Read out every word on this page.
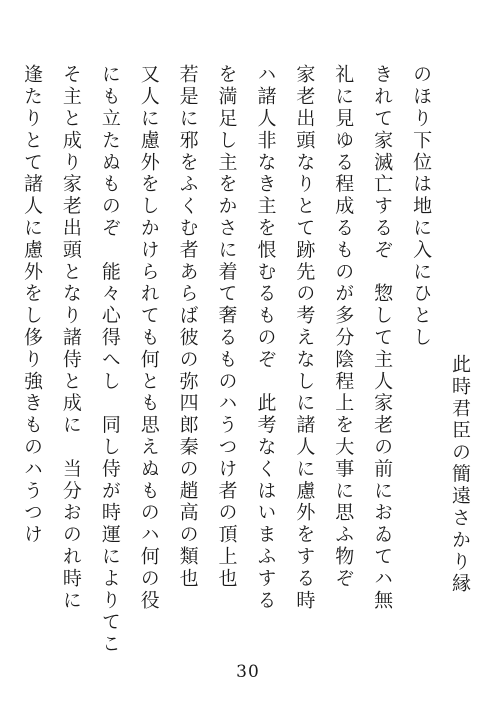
此時君臣の簡遠さかり縁
のほり下位は地に入にひとし
きれて家滅亡するぞ　惣して主人家老の前におゐてハ無
礼に見ゆる程成るものが多分陰程上を大事に思ふ物ぞ
家老出頭なりとて跡先の考えなしに諸人に慮外をする時
ハ諸人非なき主を恨むるものぞ　此考なくはいまふする
を満足し主をかさに着て奢るものハうつけ者の頂上也
若是に邪をふくむ者あらば彼の弥四郎秦の趙高の類也
又人に慮外をしかけられても何とも思えぬものハ何の役
にも立たぬものぞ　能々心得へし　同し侍が時運によりてこ
そ主と成り家老出頭となり諸侍と成に　当分おのれ時に
逢たりとて諸人に慮外をし侈り強きものハうつけ
30
